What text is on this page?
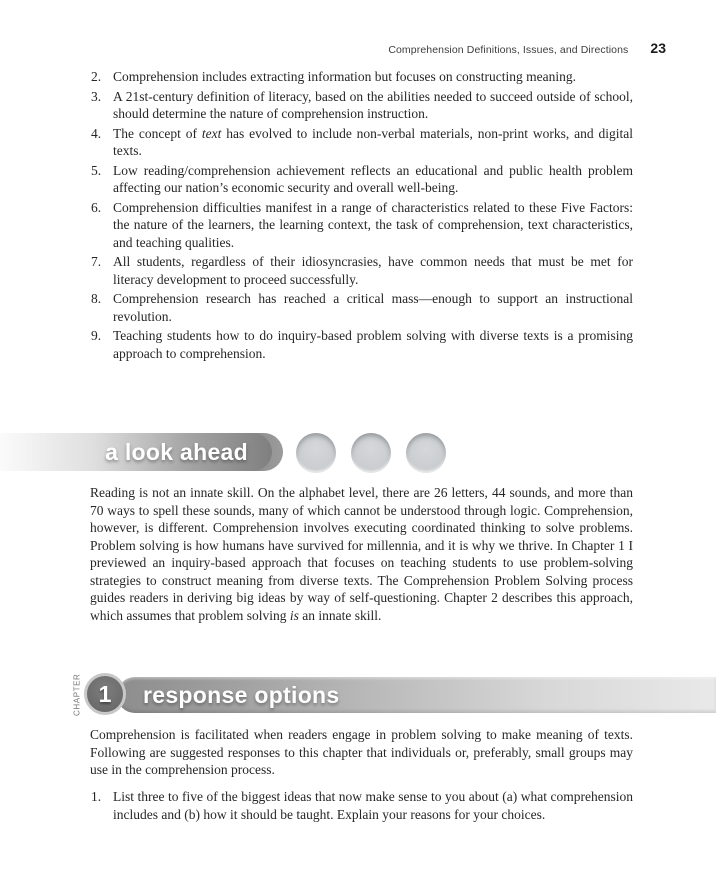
Comprehension Definitions, Issues, and Directions 23
2. Comprehension includes extracting information but focuses on constructing meaning.
3. A 21st-century definition of literacy, based on the abilities needed to succeed outside of school, should determine the nature of comprehension instruction.
4. The concept of text has evolved to include non-verbal materials, non-print works, and digital texts.
5. Low reading/comprehension achievement reflects an educational and public health problem affecting our nation’s economic security and overall well-being.
6. Comprehension difficulties manifest in a range of characteristics related to these Five Factors: the nature of the learners, the learning context, the task of comprehension, text characteristics, and teaching qualities.
7. All students, regardless of their idiosyncrasies, have common needs that must be met for literacy development to proceed successfully.
8. Comprehension research has reached a critical mass—enough to support an instructional revolution.
9. Teaching students how to do inquiry-based problem solving with diverse texts is a promising approach to comprehension.
a look ahead

Reading is not an innate skill. On the alphabet level, there are 26 letters, 44 sounds, and more than 70 ways to spell these sounds, many of which cannot be understood through logic. Comprehension, however, is different. Comprehension involves executing coordinated thinking to solve problems. Problem solving is how humans have survived for millennia, and it is why we thrive. In Chapter 1 I previewed an inquiry-based approach that focuses on teaching students to use problem-solving strategies to construct meaning from diverse texts. The Comprehension Problem Solving process guides readers in deriving big ideas by way of self-questioning. Chapter 2 describes this approach, which assumes that problem solving is an innate skill.

response options
CHAPTER 1

Comprehension is facilitated when readers engage in problem solving to make meaning of texts. Following are suggested responses to this chapter that individuals or, preferably, small groups may use in the comprehension process.

1. List three to five of the biggest ideas that now make sense to you about (a) what comprehension includes and (b) how it should be taught. Explain your reasons for your choices.
